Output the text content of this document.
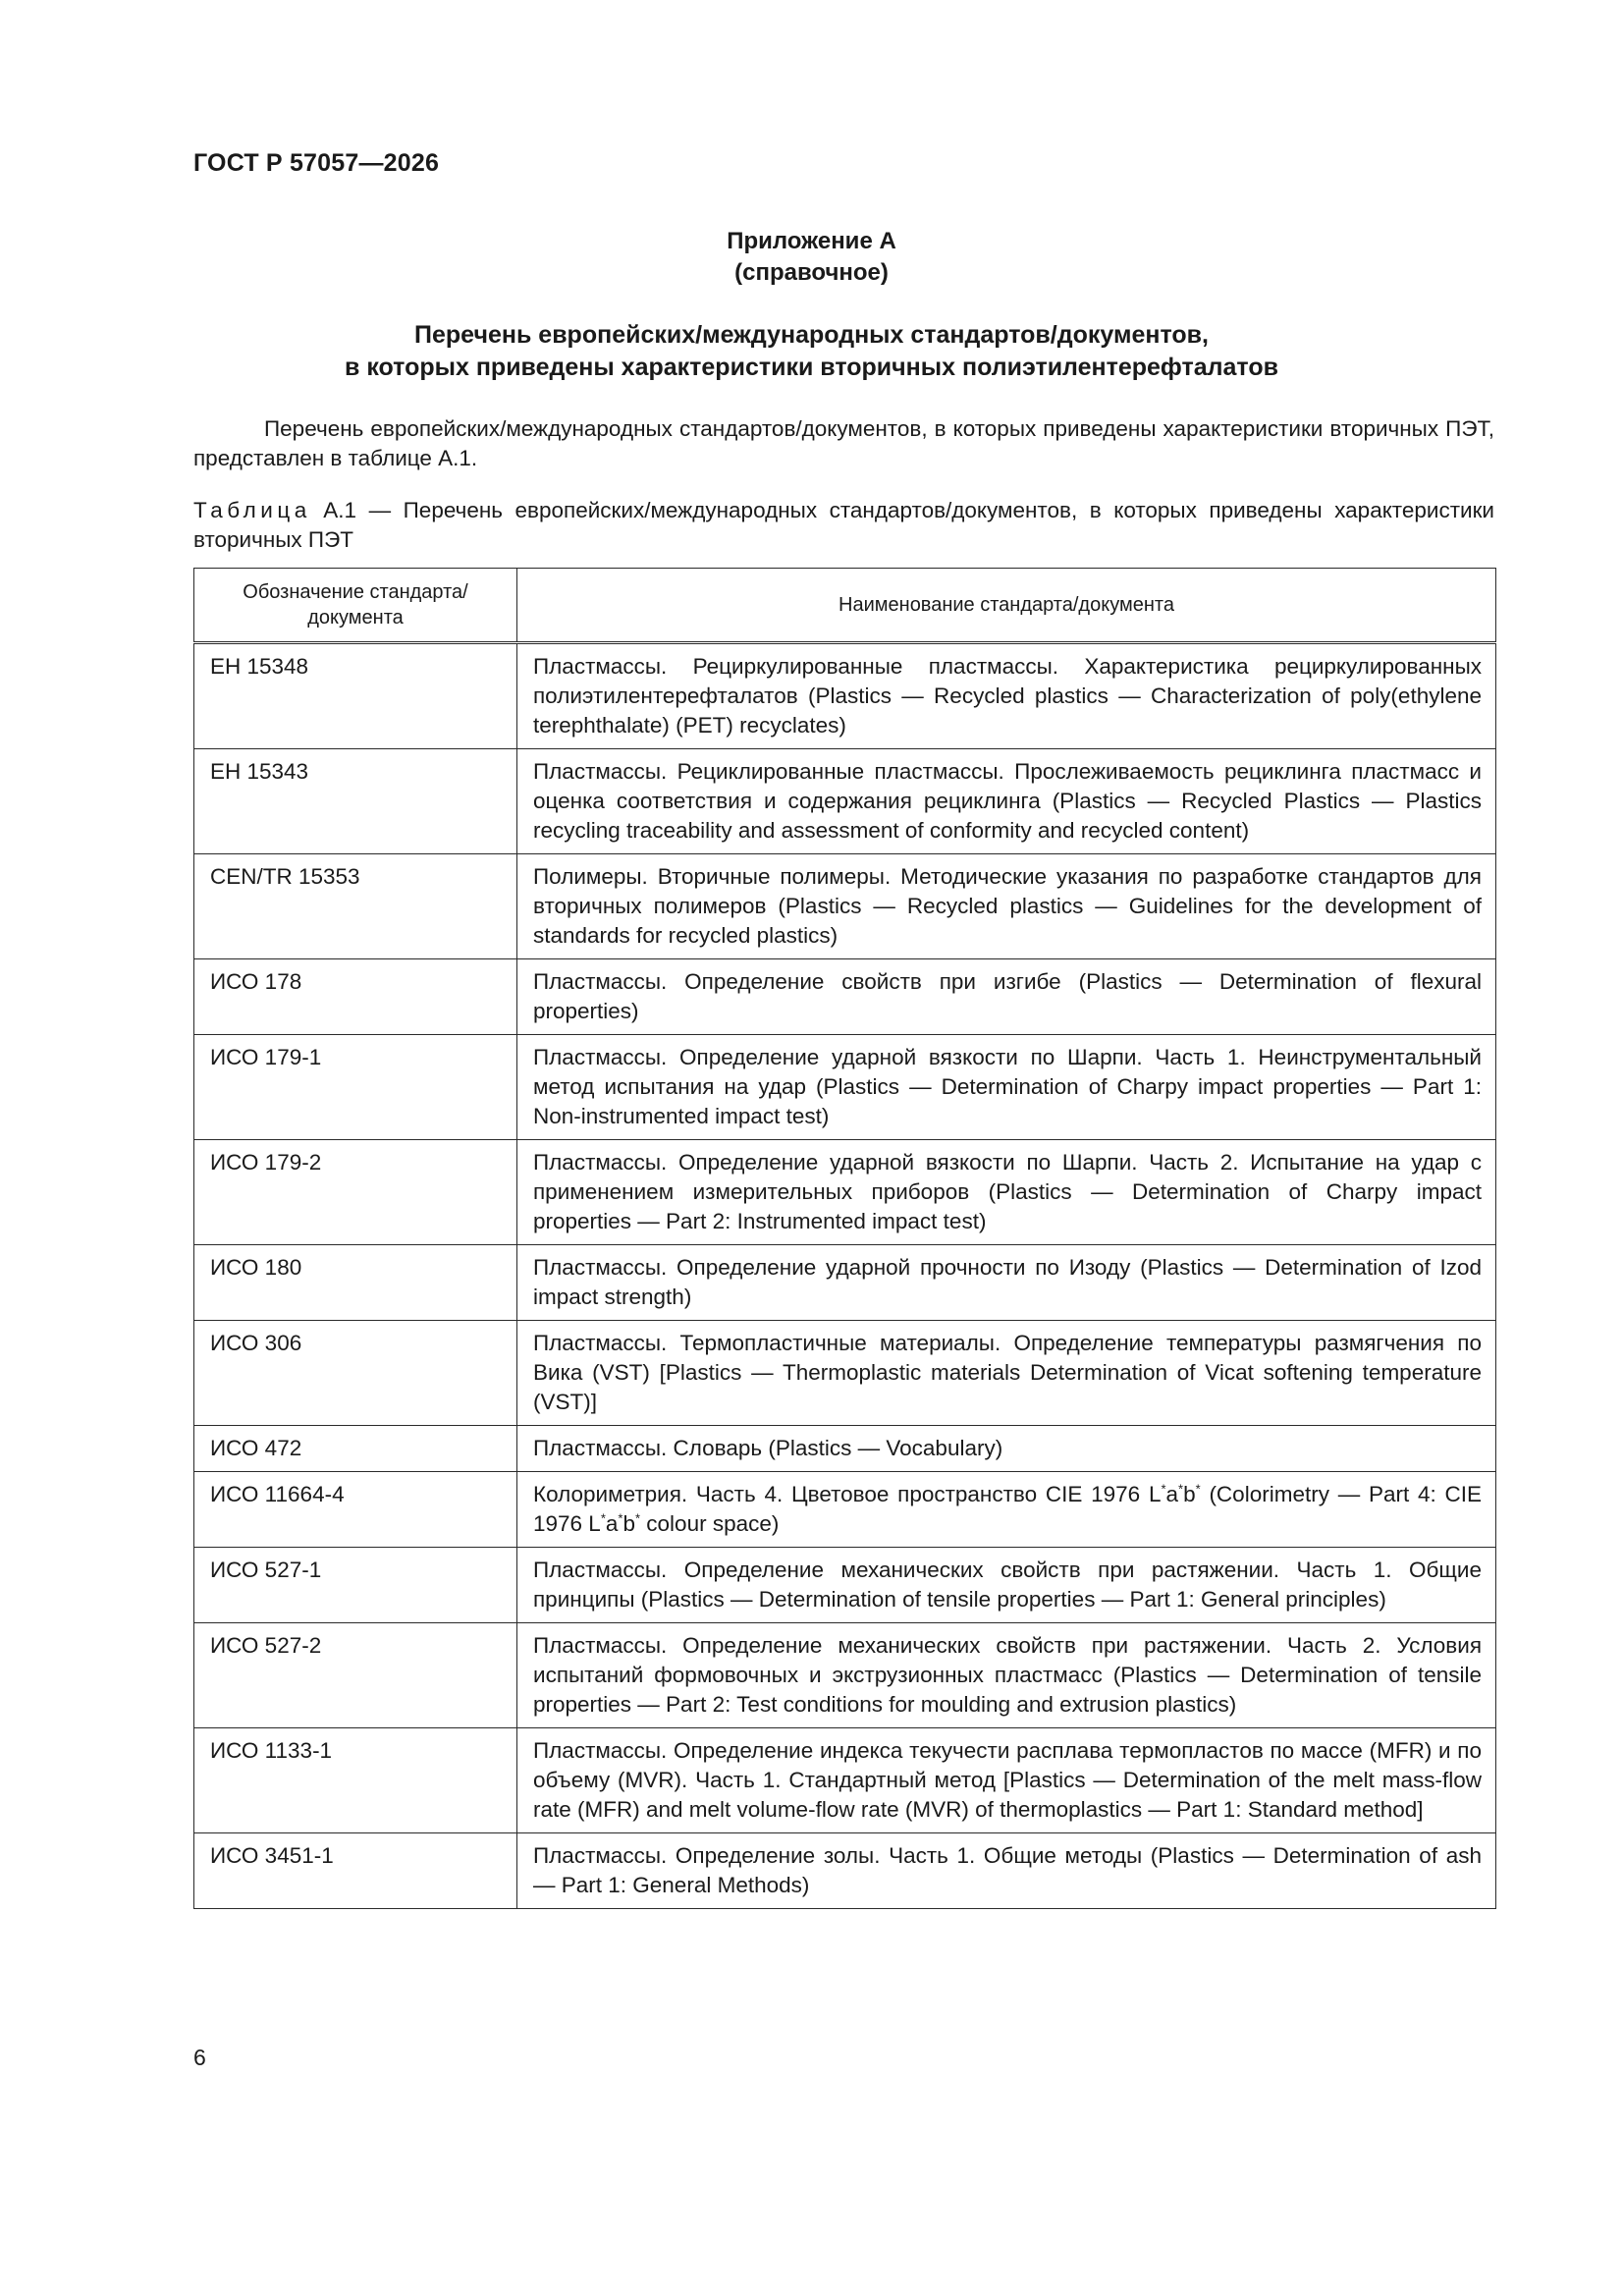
ГОСТ Р 57057—2026
Приложение А
(справочное)
Перечень европейских/международных стандартов/документов,
в которых приведены характеристики вторичных полиэтилентерефталатов
Перечень европейских/международных стандартов/документов, в которых приведены характеристики вторичных ПЭТ, представлен в таблице А.1.
Таблица А.1 — Перечень европейских/международных стандартов/документов, в которых приведены характеристики вторичных ПЭТ
Обозначение стандарта/ документа	Наименование стандарта/документа
ЕН 15348	Пластмассы. Рециркулированные пластмассы. Характеристика рециркулированных полиэтилентерефталатов (Plastics — Recycled plastics — Characterization of poly(ethylene terephthalate) (PET) recyclates)
ЕН 15343	Пластмассы. Рециклированные пластмассы. Прослеживаемость рециклинга пластмасс и оценка соответствия и содержания рециклинга (Plastics — Recycled Plastics — Plastics recycling traceability and assessment of conformity and recycled content)
CEN/TR 15353	Полимеры. Вторичные полимеры. Методические указания по разработке стандартов для вторичных полимеров (Plastics — Recycled plastics — Guidelines for the development of standards for recycled plastics)
ИСО 178	Пластмассы. Определение свойств при изгибе (Plastics — Determination of flexural properties)
ИСО 179-1	Пластмассы. Определение ударной вязкости по Шарпи. Часть 1. Неинструментальный метод испытания на удар (Plastics — Determination of Charpy impact properties — Part 1: Non-instrumented impact test)
ИСО 179-2	Пластмассы. Определение ударной вязкости по Шарпи. Часть 2. Испытание на удар с применением измерительных приборов (Plastics — Determination of Charpy impact properties — Part 2: Instrumented impact test)
ИСО 180	Пластмассы. Определение ударной прочности по Изоду (Plastics — Determination of Izod impact strength)
ИСО 306	Пластмассы. Термопластичные материалы. Определение температуры размягчения по Вика (VST) [Plastics — Thermoplastic materials Determination of Vicat softening temperature (VST)]
ИСО 472	Пластмассы. Словарь (Plastics — Vocabulary)
ИСО 11664-4	Колориметрия. Часть 4. Цветовое пространство CIE 1976 L*a*b* (Colorimetry — Part 4: CIE 1976 L*a*b* colour space)
ИСО 527-1	Пластмассы. Определение механических свойств при растяжении. Часть 1. Общие принципы (Plastics — Determination of tensile properties — Part 1: General principles)
ИСО 527-2	Пластмассы. Определение механических свойств при растяжении. Часть 2. Условия испытаний формовочных и экструзионных пластмасс (Plastics — Determination of tensile properties — Part 2: Test conditions for moulding and extrusion plastics)
ИСО 1133-1	Пластмассы. Определение индекса текучести расплава термопластов по массе (MFR) и по объему (MVR). Часть 1. Стандартный метод [Plastics — Determination of the melt mass-flow rate (MFR) and melt volume-flow rate (MVR) of thermoplastics — Part 1: Standard method]
ИСО 3451-1	Пластмассы. Определение золы. Часть 1. Общие методы (Plastics — Determination of ash — Part 1: General Methods)
6
